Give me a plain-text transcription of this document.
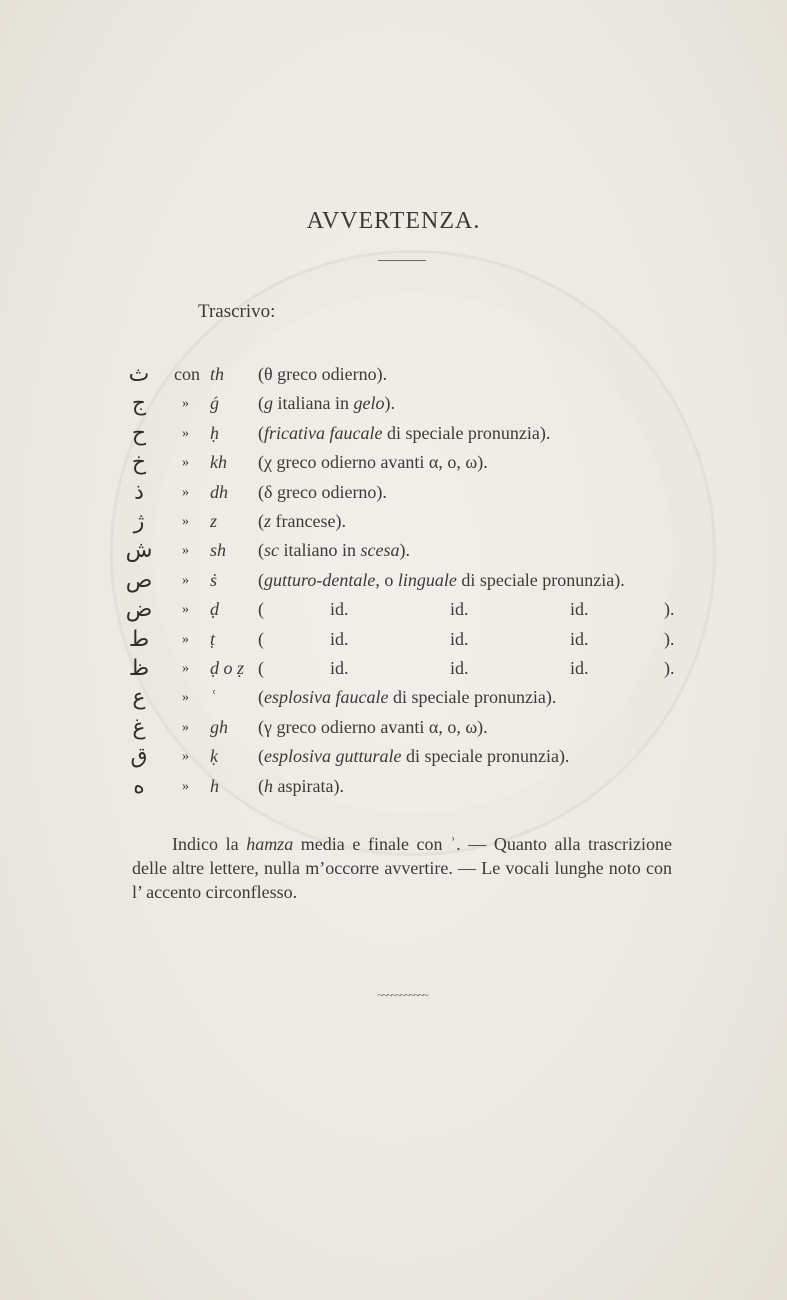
AVVERTENZA.
Trascrivo:
ث	con th (θ greco odierno).
ج	» ǵ (g italiana in gelo).
ح	» ḥ (fricativa faucale di speciale pronunzia).
خ	» kh (χ greco odierno avanti α, ο, ω).
ذ	» dh (δ greco odierno).
ژ	» z (z francese).
ش	» sh (sc italiano in scesa).
ص	» ṡ (gutturo-dentale, o linguale di speciale pronunzia).
ض	» ḍ (	id.	id.	id.	).
ط	» ṭ (	id.	id.	id.	).
ظ	» ḍ o ẓ (	id.	id.	id.	).
ع	» ʿ (esplosiva faucale di speciale pronunzia).
غ	» gh (γ greco odierno avanti α, ο, ω).
ق	» ḳ (esplosiva gutturale di speciale pronunzia).
ه	» h (h aspirata).
Indico la hamza media e finale con ʾ. — Quanto alla trascrizione delle altre lettere, nulla m’occorre avvertire. — Le vocali lunghe noto con l’ accento circonflesso.
~~~~~~~~~~~
